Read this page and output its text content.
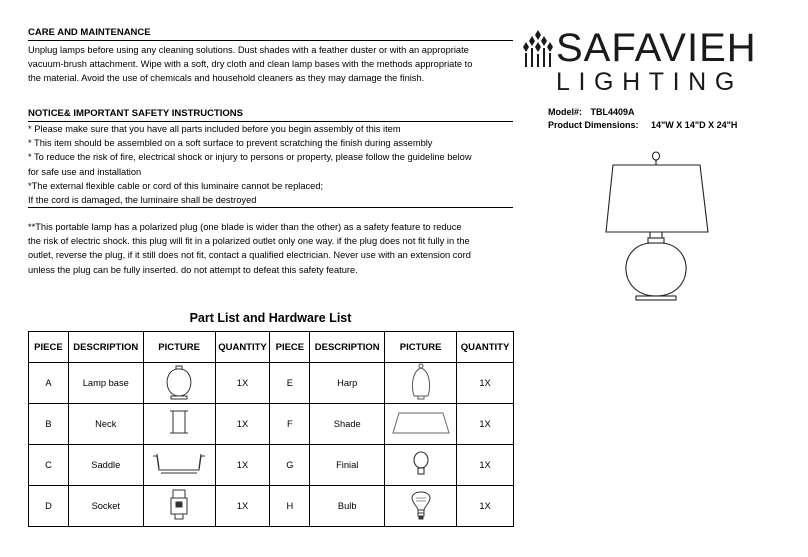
CARE AND MAINTENANCE
Unplug lamps before using any cleaning solutions. Dust shades with a feather duster or with an appropriate
vacuum-brush attachment. Wipe with a soft, dry cloth and clean lamp bases with the methods appropriate to
the material. Avoid the use of chemicals and household cleaners as they may damage the finish.
NOTICE& IMPORTANT SAFETY INSTRUCTIONS
* Please make sure that you have all parts included before you begin assembly of this item
* This item should be assembled on a soft surface to prevent scratching the finish during assembly
* To reduce the risk of fire, electrical shock or injury to persons or property, please follow the guideline below
for safe use and installation
*The external flexible cable or cord of this luminaire cannot be replaced;
If the cord is damaged, the luminaire shall be destroyed
**This portable lamp has a polarized plug (one blade is wider than the other) as a safety feature to reduce
the risk of electric shock. this plug will fit in a polarized outlet only one way. if the plug does not fit fully in the
outlet, reverse the plug, if it still does not fit, contact a qualified electrician. Never use with an extension cord
unless the plug can be fully inserted. do not attempt to defeat this safety feature.
SAFAVIEH
LIGHTING
Model#: TBL4409A
Product Dimensions: 14"W X 14"D X 24"H
Part List and Hardware List
PIECE	DESCRIPTION	PICTURE	QUANTITY	PIECE	DESCRIPTION	PICTURE	QUANTITY
A	Lamp base		1X	E	Harp		1X
B	Neck		1X	F	Shade		1X
C	Saddle		1X	G	Finial		1X
D	Socket		1X	H	Bulb		1X
